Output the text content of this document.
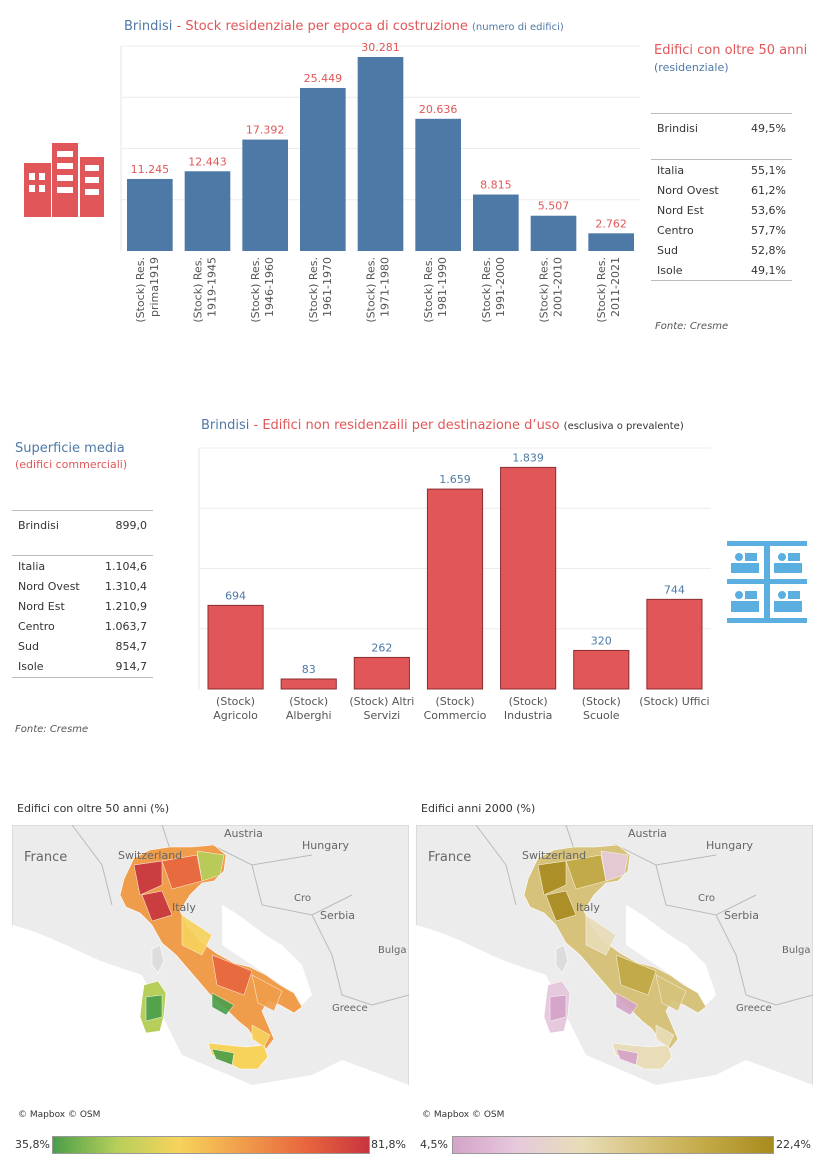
Brindisi - Stock residenziale per epoca di costruzione (numero di edifici)
11.245
(Stock) Res. prima1919
12.443
(Stock) Res. 1919-1945
17.392
(Stock) Res. 1946-1960
25.449
(Stock) Res. 1961-1970
30.281
(Stock) Res. 1971-1980
20.636
(Stock) Res. 1981-1990
8.815
(Stock) Res. 1991-2000
5.507
(Stock) Res. 2001-2010
2.762
(Stock) Res. 2011-2021
Edifici con oltre 50 anni
(residenziale)
Brindisi	49,5%
Italia	55,1%
Nord Ovest	61,2%
Nord Est	53,6%
Centro	57,7%
Sud	52,8%
Isole	49,1%
Fonte: Cresme
Brindisi - Edifici non residenzaili per destinazione d’uso (esclusiva o prevalente)
Superficie media
(edifici commerciali)
Brindisi	899,0
Italia	1.104,6
Nord Ovest	1.310,4
Nord Est	1.210,9
Centro	1.063,7
Sud	854,7
Isole	914,7
Fonte: Cresme
694
(Stock)
Agricolo
83
(Stock)
Alberghi
262
(Stock) Altri
Servizi
1.659
(Stock)
Commercio
1.839
(Stock)
Industria
320
(Stock)
Scuole
744
(Stock) Uffici
Edifici con oltre 50 anni (%)	Edifici anni 2000 (%)
France	Switzerland
Austria
Hungary
Italy
Cro
Serbia
Bulga
Greece
© Mapbox © OSM
France	Switzerland
Austria
Hungary
Italy
Cro
Serbia
Bulga
Greece
© Mapbox © OSM
35,8%	81,8% 4,5%	22,4%
